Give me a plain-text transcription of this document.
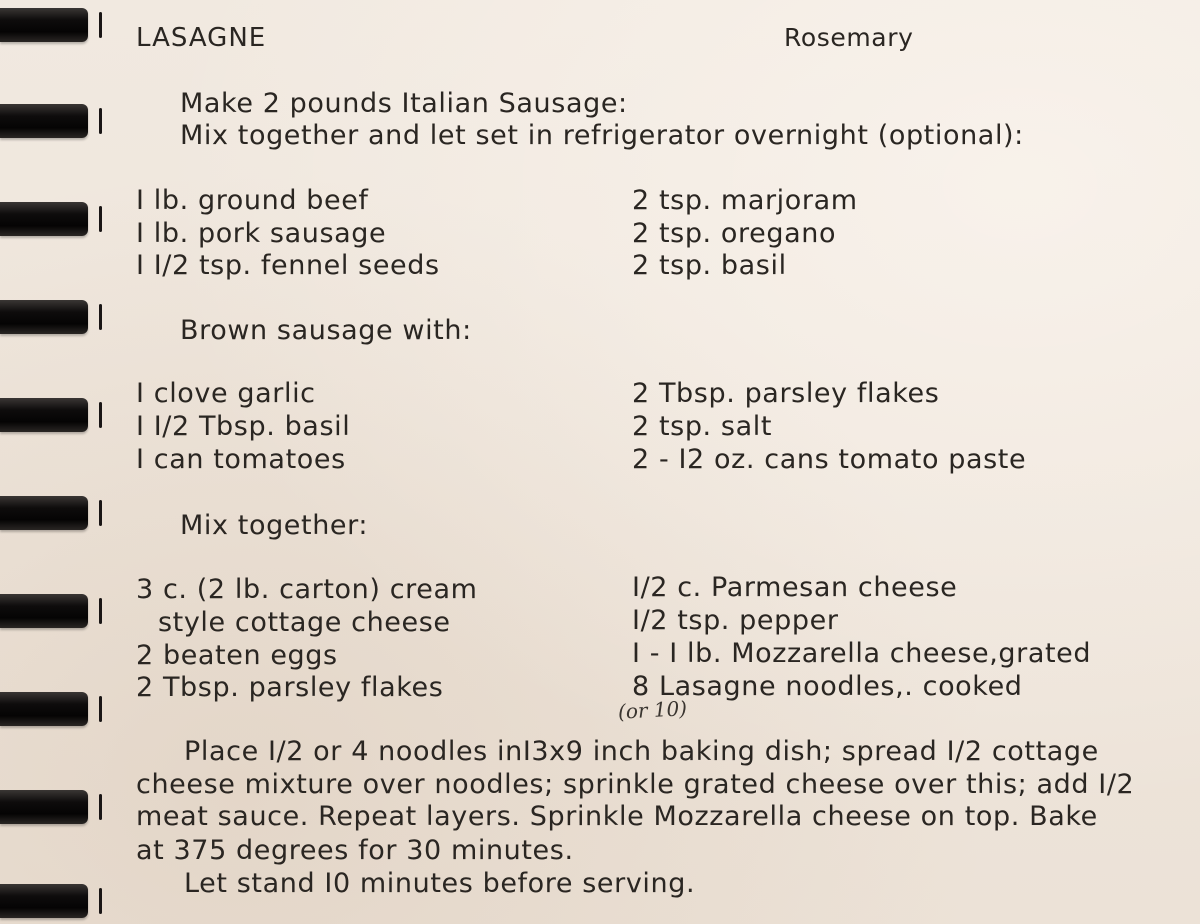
LASAGNE	Rosemary
Make 2 pounds Italian Sausage:
Mix together and let set in refrigerator overnight (optional):
I lb. ground beef
I lb. pork sausage
I I/2 tsp. fennel seeds
2 tsp. marjoram
2 tsp. oregano
2 tsp. basil
Brown sausage with:
I clove garlic
I I/2 Tbsp. basil
I can tomatoes
2 Tbsp. parsley flakes
2 tsp. salt
2 - I2 oz. cans tomato paste
Mix together:
3 c. (2 lb. carton) cream
style cottage cheese
2 beaten eggs
2 Tbsp. parsley flakes
I/2 c. Parmesan cheese
I/2 tsp. pepper
I - I lb. Mozzarella cheese,grated
8 Lasagne noodles,. cooked
(or 10)
Place I/2 or 4 noodles inI3x9 inch baking dish; spread I/2 cottage
cheese mixture over noodles; sprinkle grated cheese over this; add I/2
meat sauce. Repeat layers. Sprinkle Mozzarella cheese on top. Bake
at 375 degrees for 30 minutes.
Let stand I0 minutes before serving.
